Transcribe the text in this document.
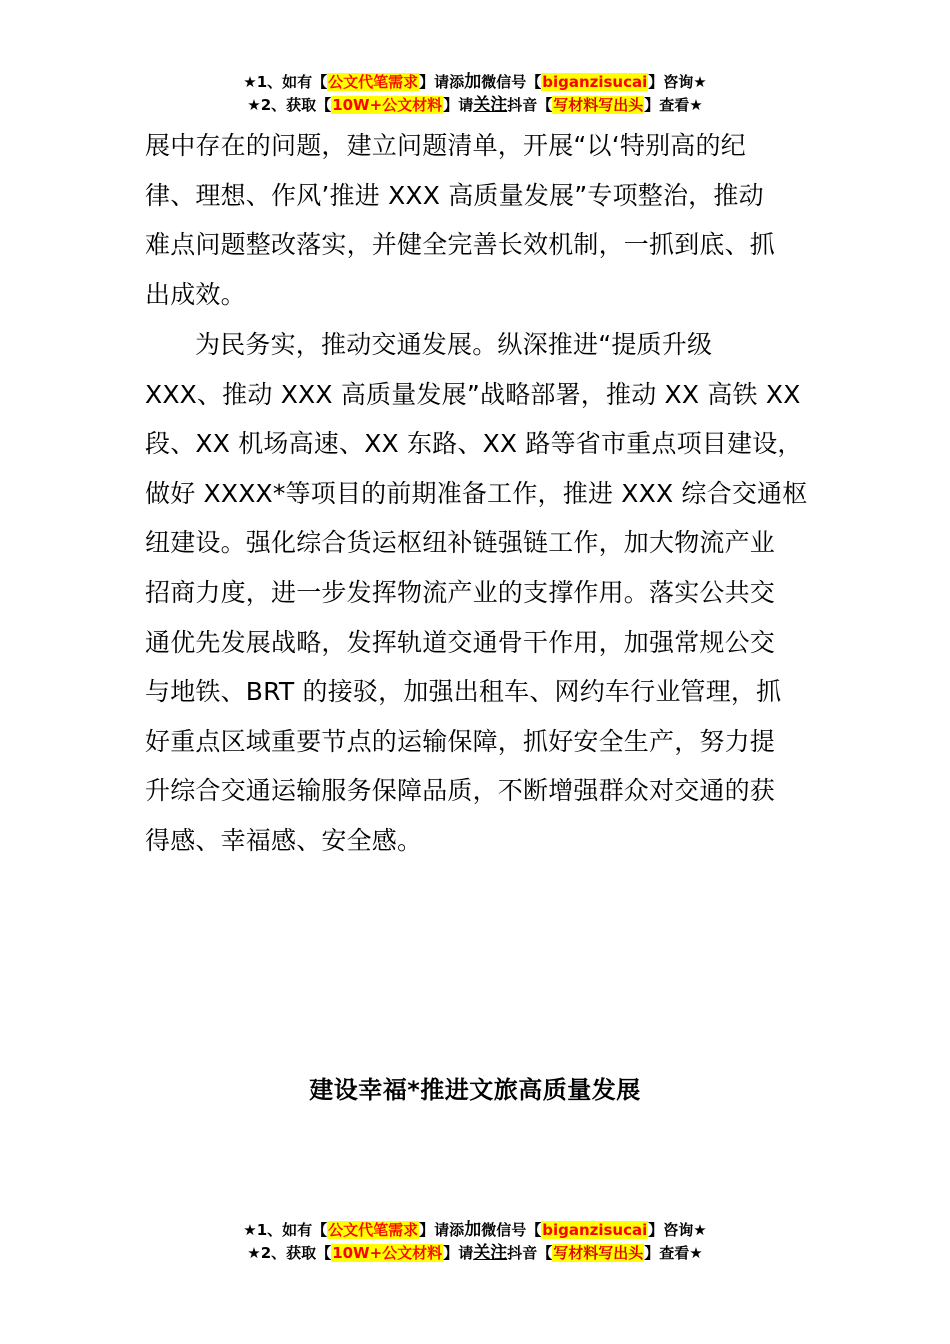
★1、如有【公文代笔需求】请添加微信号【biganzisucai】咨询★
★2、获取【10W+公文材料】请关注抖音【写材料写出头】查看★
展中存在的问题，建立问题清单，开展“以‘特别高的纪
律、理想、作风’推进 XXX 高质量发展”专项整治，推动
难点问题整改落实，并健全完善长效机制，一抓到底、抓
出成效。
为民务实，推动交通发展。纵深推进“提质升级
XXX、推动 XXX 高质量发展”战略部署，推动 XX 高铁 XX
段、XX 机场高速、XX 东路、XX 路等省市重点项目建设，
做好 XXXX*等项目的前期准备工作，推进 XXX 综合交通枢
纽建设。强化综合货运枢纽补链强链工作，加大物流产业
招商力度，进一步发挥物流产业的支撑作用。落实公共交
通优先发展战略，发挥轨道交通骨干作用，加强常规公交
与地铁、BRT 的接驳，加强出租车、网约车行业管理，抓
好重点区域重要节点的运输保障，抓好安全生产，努力提
升综合交通运输服务保障品质，不断增强群众对交通的获
得感、幸福感、安全感。
建设幸福*推进文旅高质量发展
★1、如有【公文代笔需求】请添加微信号【biganzisucai】咨询★
★2、获取【10W+公文材料】请关注抖音【写材料写出头】查看★
